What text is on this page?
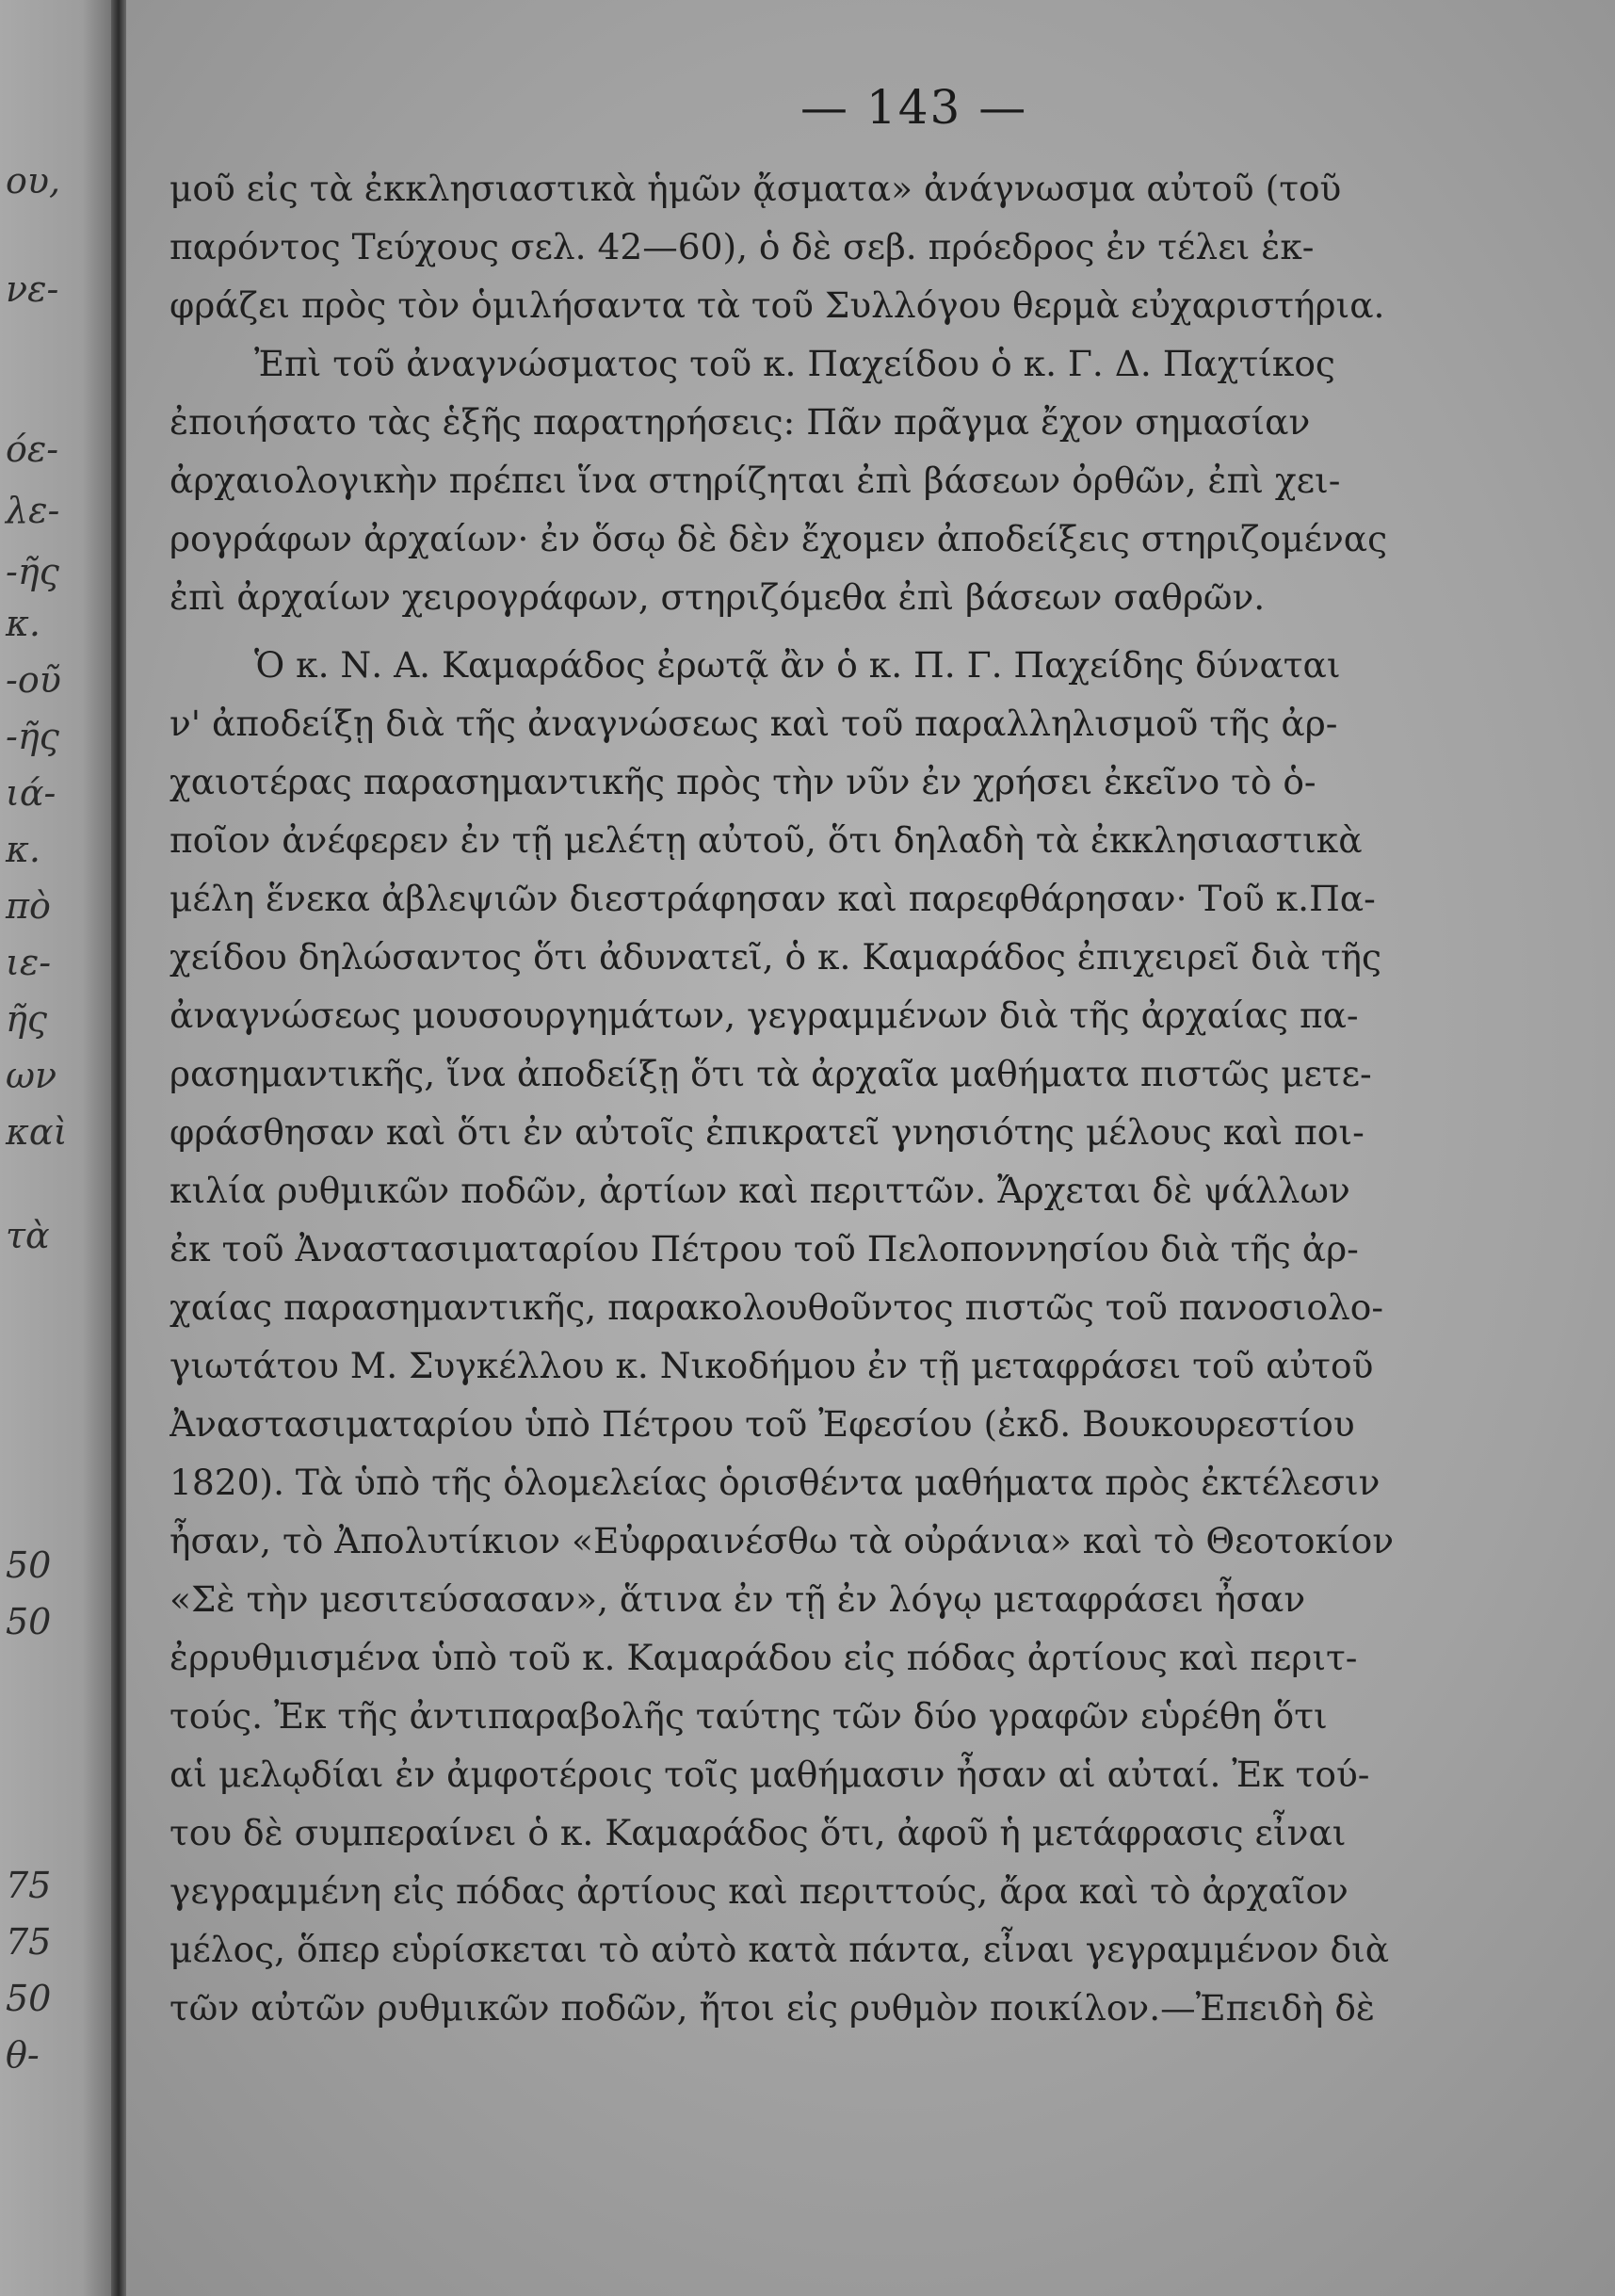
ου,
νε-
όε-
λε-
-ῆς
κ.
-οῦ
-ῆς
ιά-
κ.
πὸ
ιε-
ῆς
ων
καὶ
τὰ
50
50
75
75
50
θ-
— 143 —
μοῦ εἰς τὰ ἐκκλησιαστικὰ ἡμῶν ᾄσματα» ἀνάγνωσμα αὐτοῦ (τοῦ
παρόντος Τεύχους σελ. 42—60), ὁ δὲ σεβ. πρόεδρος ἐν τέλει ἐκ-
φράζει πρὸς τὸν ὁμιλήσαντα τὰ τοῦ Συλλόγου θερμὰ εὐχαριστήρια.
Ἐπὶ τοῦ ἀναγνώσματος τοῦ κ. Παχείδου ὁ κ. Γ. Δ. Παχτίκος
ἐποιήσατο τὰς ἑξῆς παρατηρήσεις: Πᾶν πρᾶγμα ἔχον σημασίαν
ἀρχαιολογικὴν πρέπει ἵνα στηρίζηται ἐπὶ βάσεων ὀρθῶν, ἐπὶ χει-
ρογράφων ἀρχαίων· ἐν ὅσῳ δὲ δὲν ἔχομεν ἀποδείξεις στηριζομένας
ἐπὶ ἀρχαίων χειρογράφων, στηριζόμεθα ἐπὶ βάσεων σαθρῶν.
Ὁ κ. Ν. Α. Καμαράδος ἐρωτᾷ ἂν ὁ κ. Π. Γ. Παχείδης δύναται
ν' ἀποδείξῃ διὰ τῆς ἀναγνώσεως καὶ τοῦ παραλληλισμοῦ τῆς ἀρ-
χαιοτέρας παρασημαντικῆς πρὸς τὴν νῦν ἐν χρήσει ἐκεῖνο τὸ ὁ-
ποῖον ἀνέφερεν ἐν τῇ μελέτῃ αὐτοῦ, ὅτι δηλαδὴ τὰ ἐκκλησιαστικὰ
μέλη ἕνεκα ἀβλεψιῶν διεστράφησαν καὶ παρεφθάρησαν· Τοῦ κ.Πα-
χείδου δηλώσαντος ὅτι ἀδυνατεῖ, ὁ κ. Καμαράδος ἐπιχειρεῖ διὰ τῆς
ἀναγνώσεως μουσουργημάτων, γεγραμμένων διὰ τῆς ἀρχαίας πα-
ρασημαντικῆς, ἵνα ἀποδείξῃ ὅτι τὰ ἀρχαῖα μαθήματα πιστῶς μετε-
φράσθησαν καὶ ὅτι ἐν αὐτοῖς ἐπικρατεῖ γνησιότης μέλους καὶ ποι-
κιλία ρυθμικῶν ποδῶν, ἀρτίων καὶ περιττῶν. Ἄρχεται δὲ ψάλλων
ἐκ τοῦ Ἀναστασιματαρίου Πέτρου τοῦ Πελοποννησίου διὰ τῆς ἀρ-
χαίας παρασημαντικῆς, παρακολουθοῦντος πιστῶς τοῦ πανοσιολο-
γιωτάτου Μ. Συγκέλλου κ. Νικοδήμου ἐν τῇ μεταφράσει τοῦ αὐτοῦ
Ἀναστασιματαρίου ὑπὸ Πέτρου τοῦ Ἐφεσίου (ἐκδ. Βουκουρεστίου
1820). Τὰ ὑπὸ τῆς ὁλομελείας ὁρισθέντα μαθήματα πρὸς ἐκτέλεσιν
ἦσαν, τὸ Ἀπολυτίκιον «Εὐφραινέσθω τὰ οὐράνια» καὶ τὸ Θεοτοκίον
«Σὲ τὴν μεσιτεύσασαν», ἅτινα ἐν τῇ ἐν λόγῳ μεταφράσει ἦσαν
ἐρρυθμισμένα ὑπὸ τοῦ κ. Καμαράδου εἰς πόδας ἀρτίους καὶ περιτ-
τούς. Ἐκ τῆς ἀντιπαραβολῆς ταύτης τῶν δύο γραφῶν εὑρέθη ὅτι
αἱ μελῳδίαι ἐν ἀμφοτέροις τοῖς μαθήμασιν ἦσαν αἱ αὐταί. Ἐκ τού-
του δὲ συμπεραίνει ὁ κ. Καμαράδος ὅτι, ἀφοῦ ἡ μετάφρασις εἶναι
γεγραμμένη εἰς πόδας ἀρτίους καὶ περιττούς, ἄρα καὶ τὸ ἀρχαῖον
μέλος, ὅπερ εὑρίσκεται τὸ αὐτὸ κατὰ πάντα, εἶναι γεγραμμένον διὰ
τῶν αὐτῶν ρυθμικῶν ποδῶν, ἤτοι εἰς ρυθμὸν ποικίλον.—Ἐπειδὴ δὲ
